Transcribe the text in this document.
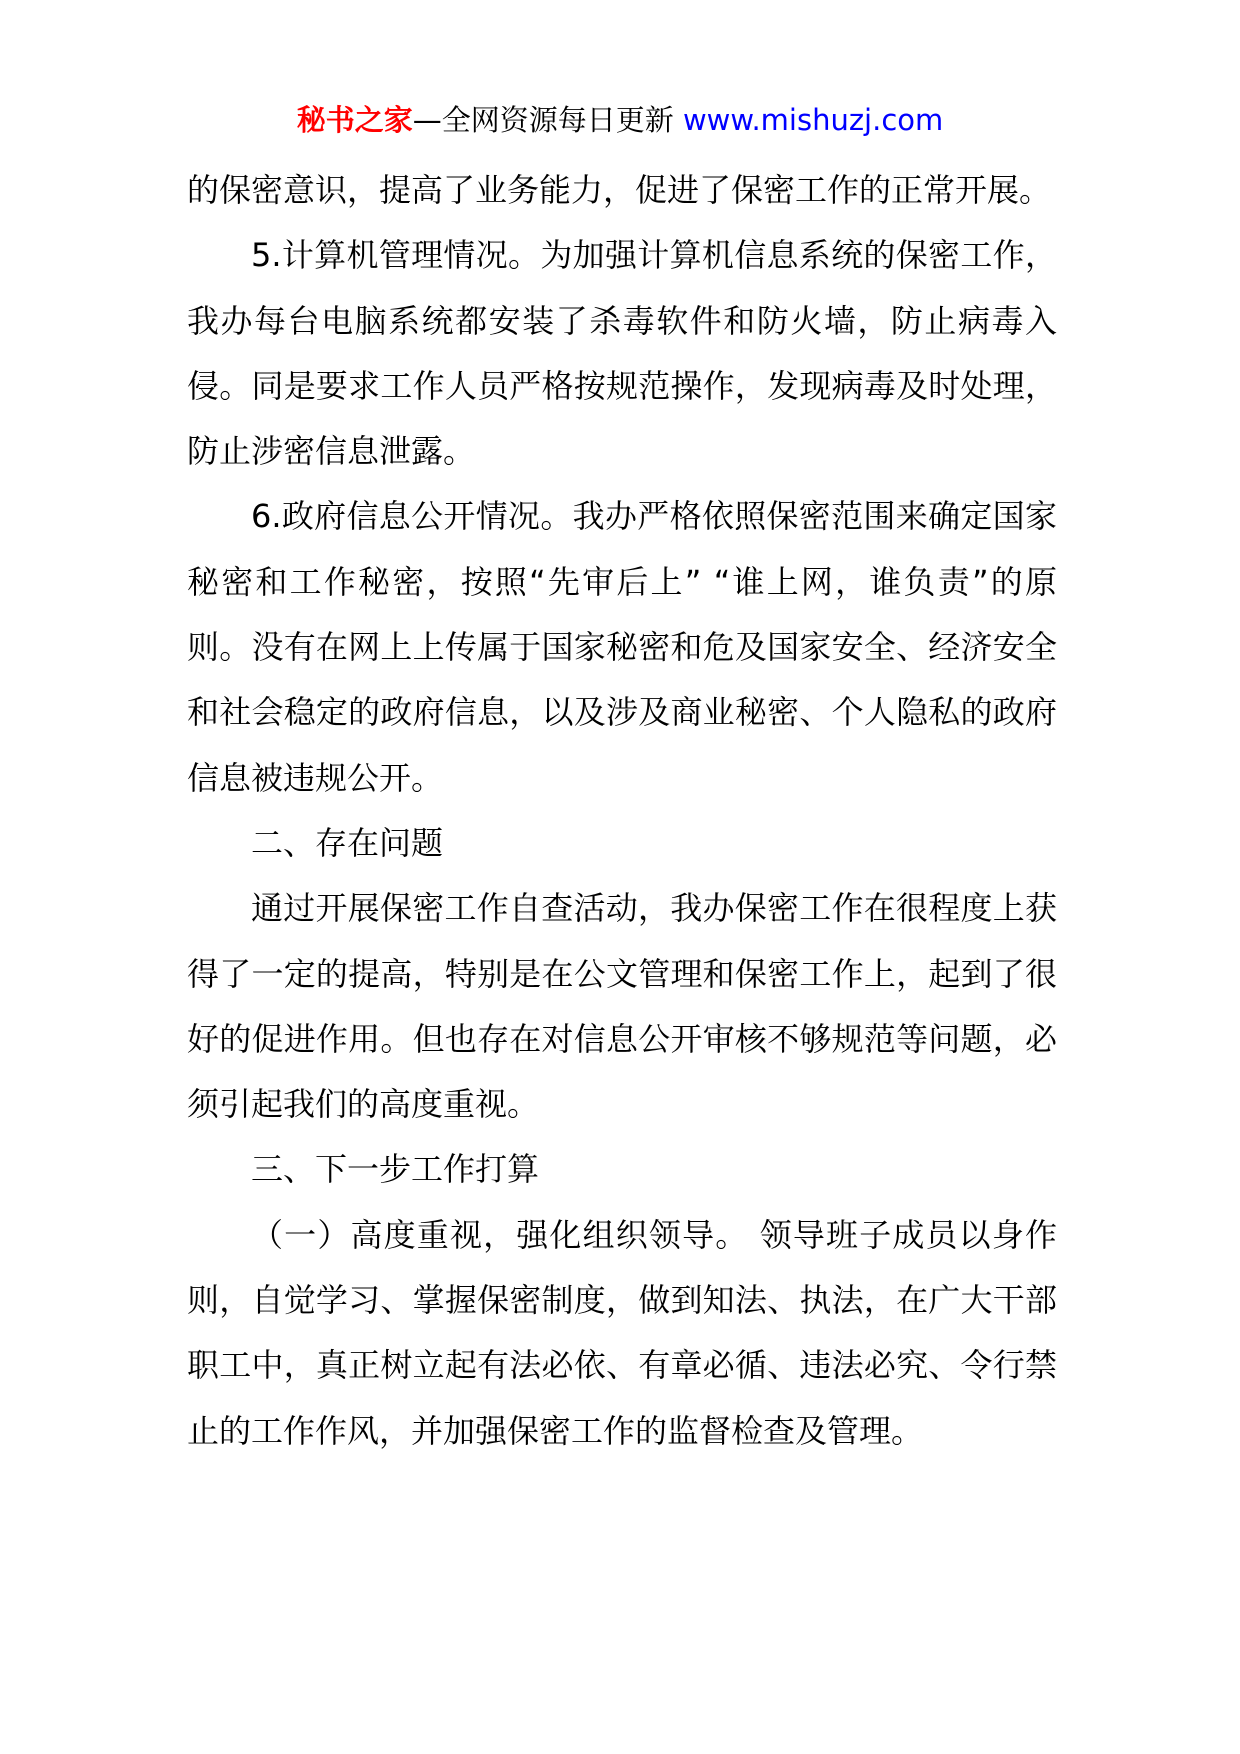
秘书之家—全网资源每日更新 www.mishuzj.com

的保密意识，提高了业务能力，促进了保密工作的正常开展。

5.计算机管理情况。为加强计算机信息系统的保密工作，我办每台电脑系统都安装了杀毒软件和防火墙，防止病毒入侵。同是要求工作人员严格按规范操作，发现病毒及时处理，防止涉密信息泄露。

6.政府信息公开情况。我办严格依照保密范围来确定国家秘密和工作秘密，按照“先审后上” “谁上网，谁负责”的原则。没有在网上上传属于国家秘密和危及国家安全、经济安全和社会稳定的政府信息，以及涉及商业秘密、个人隐私的政府信息被违规公开。

二、存在问题

通过开展保密工作自查活动，我办保密工作在很程度上获得了一定的提高，特别是在公文管理和保密工作上，起到了很好的促进作用。但也存在对信息公开审核不够规范等问题，必须引起我们的高度重视。

三、下一步工作打算

（一）高度重视，强化组织领导。 领导班子成员以身作则，自觉学习、掌握保密制度，做到知法、执法，在广大干部职工中，真正树立起有法必依、有章必循、违法必究、令行禁止的工作作风，并加强保密工作的监督检查及管理。
